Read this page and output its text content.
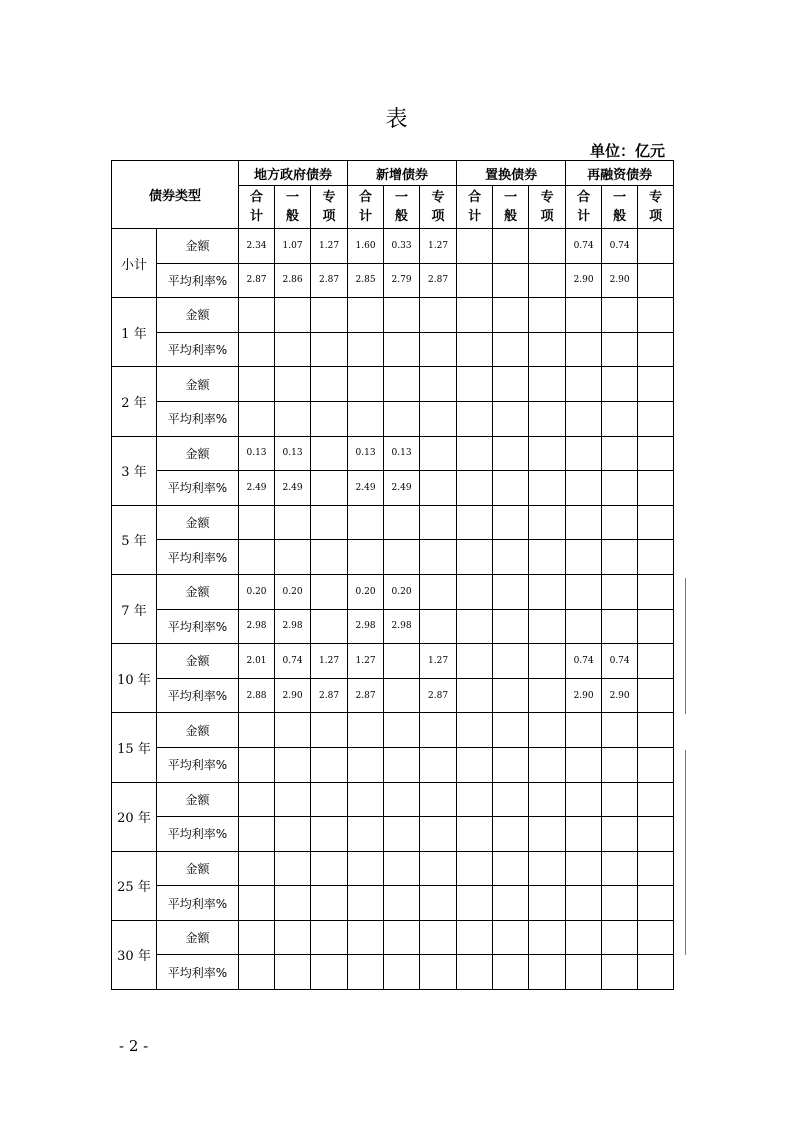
表
单位：亿元
债券类型		地方政府债券			新增债券			置换债券			再融资债券		
		合计	一般	专项	合计	一般	专项	合计	一般	专项	合计	一般	专项
小计	金额	2.34	1.07	1.27	1.60	0.33	1.27				0.74	0.74	
	平均利率%	2.87	2.86	2.87	2.85	2.79	2.87				2.90	2.90	
1 年	金额												
	平均利率%												
2 年	金额												
	平均利率%												
3 年	金额	0.13	0.13		0.13	0.13							
	平均利率%	2.49	2.49		2.49	2.49							
5 年	金额												
	平均利率%												
7 年	金额	0.20	0.20		0.20	0.20							
	平均利率%	2.98	2.98		2.98	2.98							
10 年	金额	2.01	0.74	1.27	1.27		1.27				0.74	0.74	
	平均利率%	2.88	2.90	2.87	2.87		2.87				2.90	2.90	
15 年	金额												
	平均利率%												
20 年	金额												
	平均利率%												
25 年	金额												
	平均利率%												
30 年	金额												
	平均利率%												
- 2 -
